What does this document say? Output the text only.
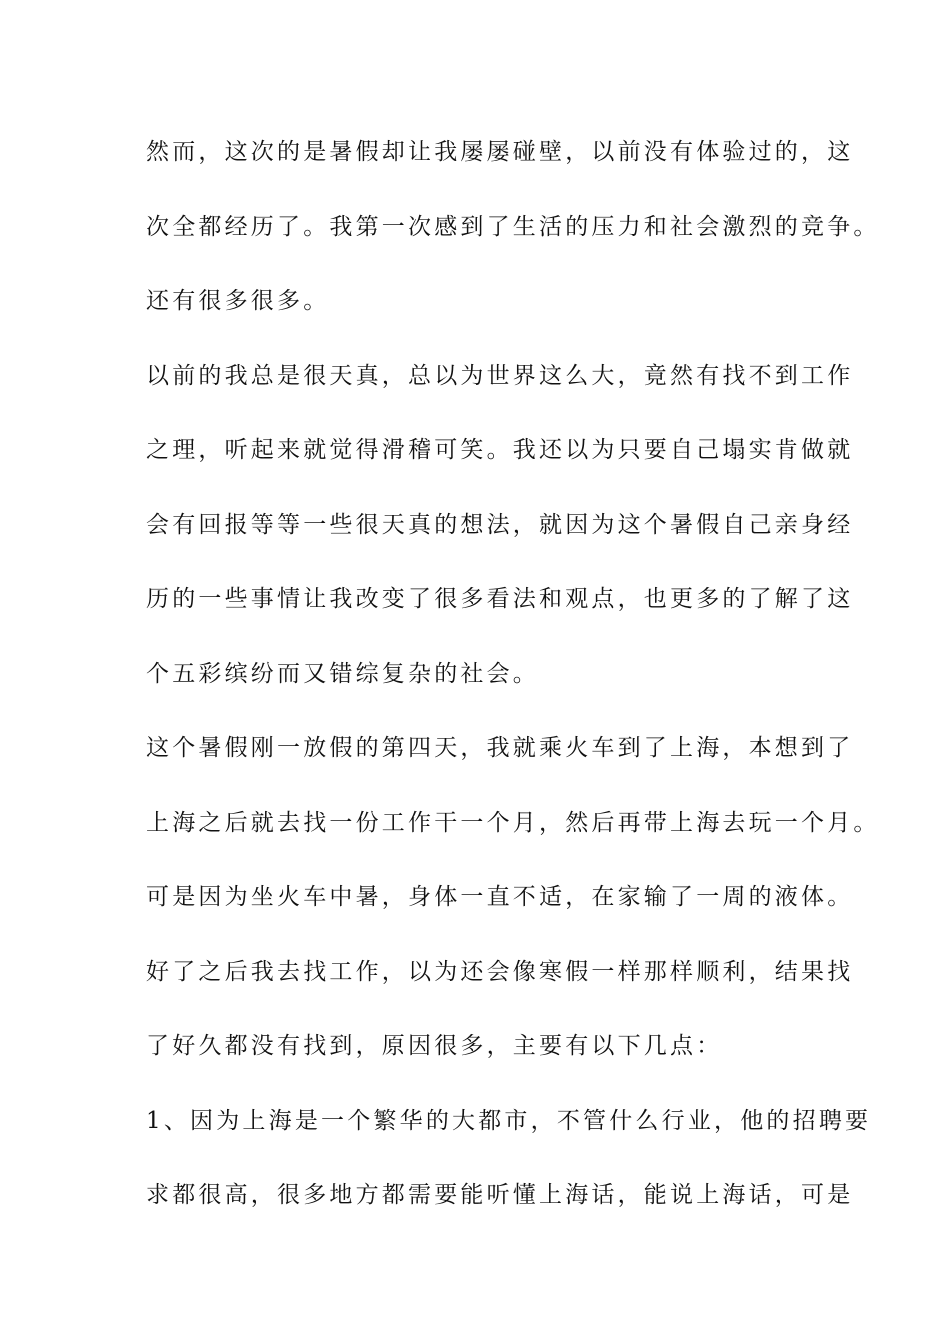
然而，这次的是暑假却让我屡屡碰壁，以前没有体验过的，这
次全都经历了。我第一次感到了生活的压力和社会激烈的竞争。
还有很多很多。
以前的我总是很天真，总以为世界这么大，竟然有找不到工作
之理，听起来就觉得滑稽可笑。我还以为只要自己塌实肯做就
会有回报等等一些很天真的想法，就因为这个暑假自己亲身经
历的一些事情让我改变了很多看法和观点，也更多的了解了这
个五彩缤纷而又错综复杂的社会。
这个暑假刚一放假的第四天，我就乘火车到了上海，本想到了
上海之后就去找一份工作干一个月，然后再带上海去玩一个月。
可是因为坐火车中暑，身体一直不适，在家输了一周的液体。
好了之后我去找工作，以为还会像寒假一样那样顺利，结果找
了好久都没有找到，原因很多，主要有以下几点：
1、因为上海是一个繁华的大都市，不管什么行业，他的招聘要
求都很高，很多地方都需要能听懂上海话，能说上海话，可是
